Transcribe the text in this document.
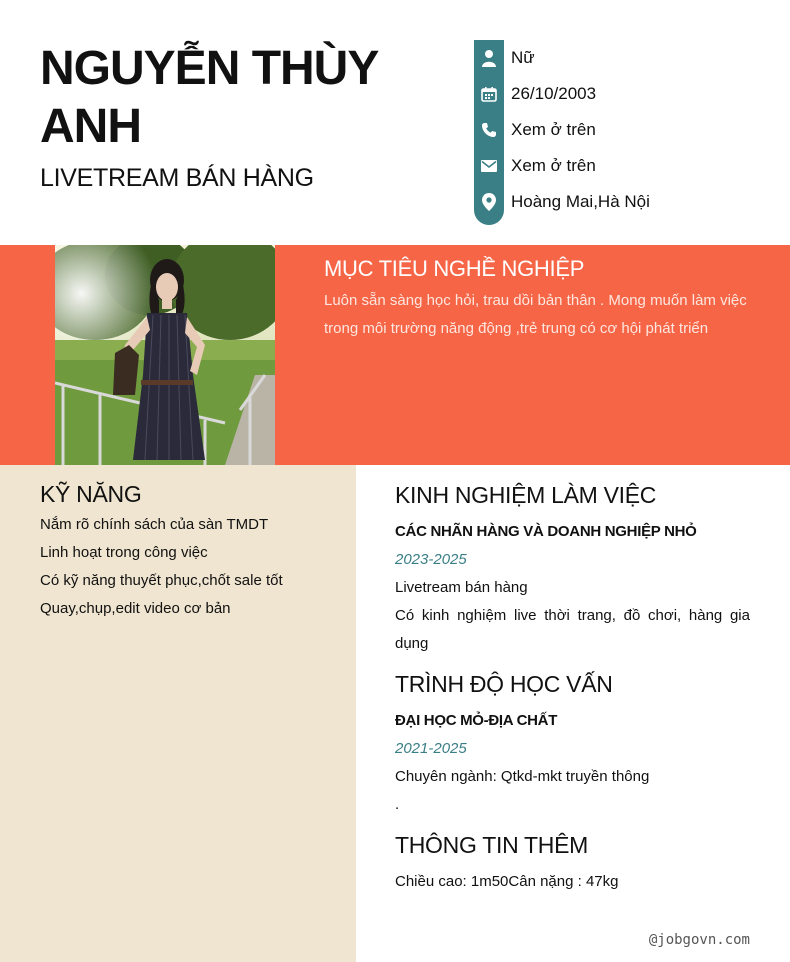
NGUYỄN THÙY ANH
LIVETREAM BÁN HÀNG
Nữ
26/10/2003
Xem ở trên
Xem ở trên
Hoàng Mai,Hà Nội
MỤC TIÊU NGHỀ NGHIỆP

Luôn sẵn sàng học hỏi, trau dồi bản thân . Mong muốn làm việc trong môi trường năng động ,trẻ trung có cơ hội phát triển

KỸ NĂNG
Nắm rõ chính sách của sàn TMDT
Linh hoạt trong công việc
Có kỹ năng thuyết phục,chốt sale tốt
Quay,chụp,edit video cơ bản
KINH NGHIỆM LÀM VIỆC
CÁC NHÃN HÀNG VÀ DOANH NGHIỆP NHỎ
2023-2025
Livetream bán hàng

Có kinh nghiệm live thời trang, đồ chơi, hàng gia dụng

TRÌNH ĐỘ HỌC VẤN
ĐẠI HỌC MỎ-ĐỊA CHẤT
2021-2025
Chuyên ngành: Qtkd-mkt truyền thông
.
THÔNG TIN THÊM
Chiều cao: 1m50Cân nặng : 47kg
@jobgovn.com
